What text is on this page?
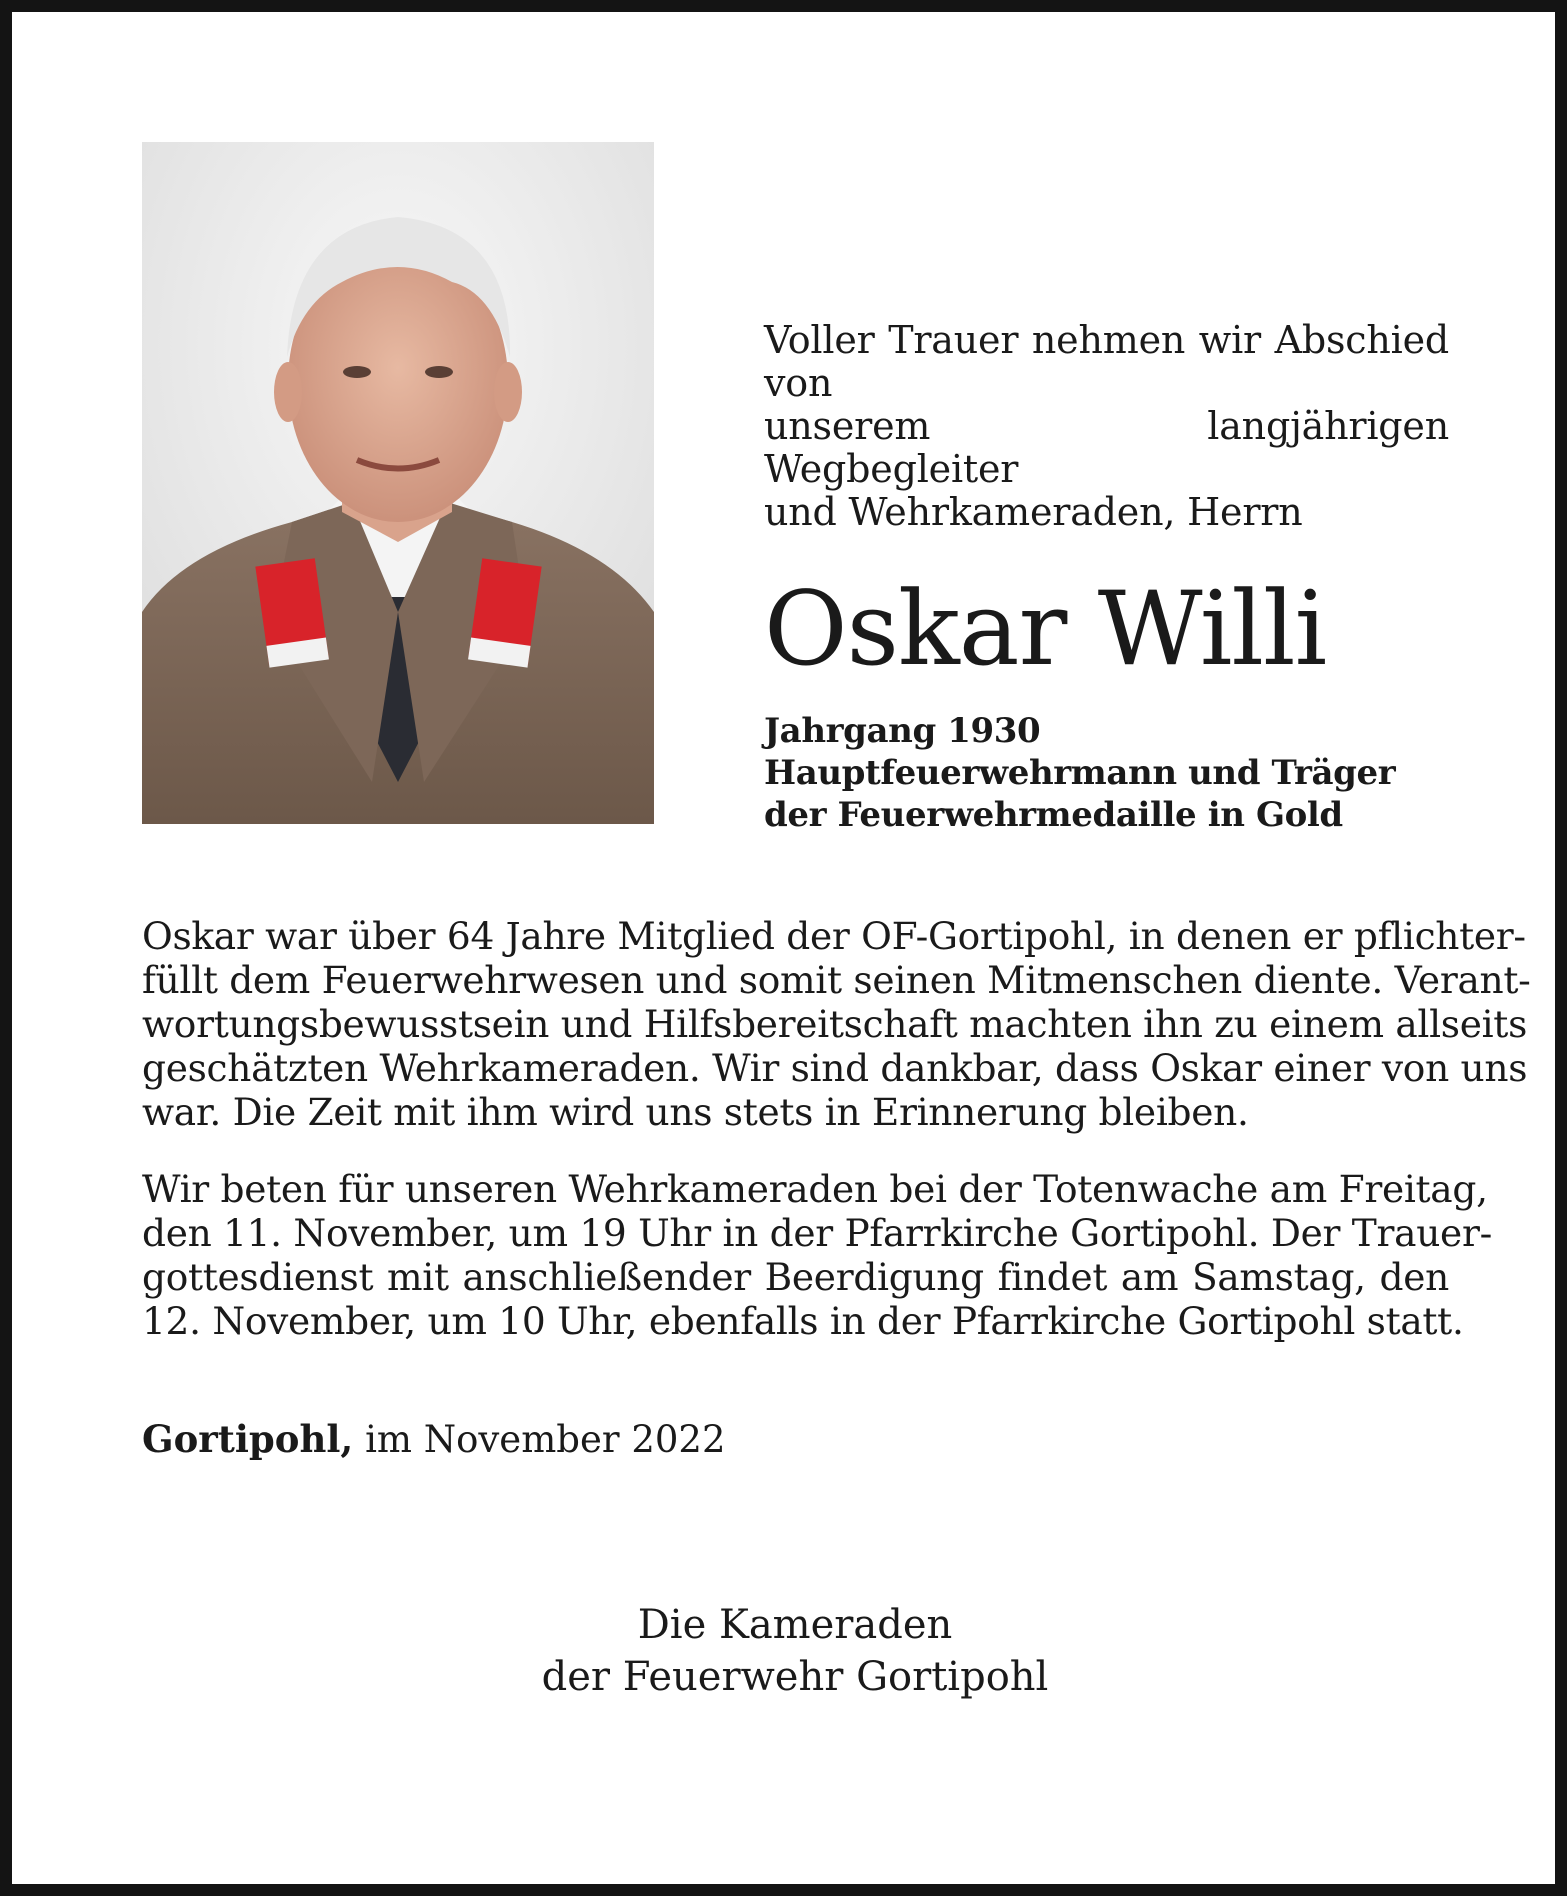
Voller Trauer nehmen wir Abschied von
unserem langjährigen Wegbegleiter
und Wehrkameraden, Herrn
Oskar Willi
Jahrgang 1930
Hauptfeuerwehrmann und Träger
der Feuerwehrmedaille in Gold
Oskar war über 64 Jahre Mitglied der OF-Gortipohl, in denen er pflichter-
füllt dem Feuerwehrwesen und somit seinen Mitmenschen diente. Verant-
wortungsbewusstsein und Hilfsbereitschaft machten ihn zu einem allseits
geschätzten Wehrkameraden. Wir sind dankbar, dass Oskar einer von uns
war. Die Zeit mit ihm wird uns stets in Erinnerung bleiben.
Wir beten für unseren Wehrkameraden bei der Totenwache am Freitag,
den 11. November, um 19 Uhr in der Pfarrkirche Gortipohl. Der Trauer-
gottesdienst mit anschließender Beerdigung findet am Samstag, den
12. November, um 10 Uhr, ebenfalls in der Pfarrkirche Gortipohl statt.
Gortipohl, im November 2022
Die Kameraden
der Feuerwehr Gortipohl
